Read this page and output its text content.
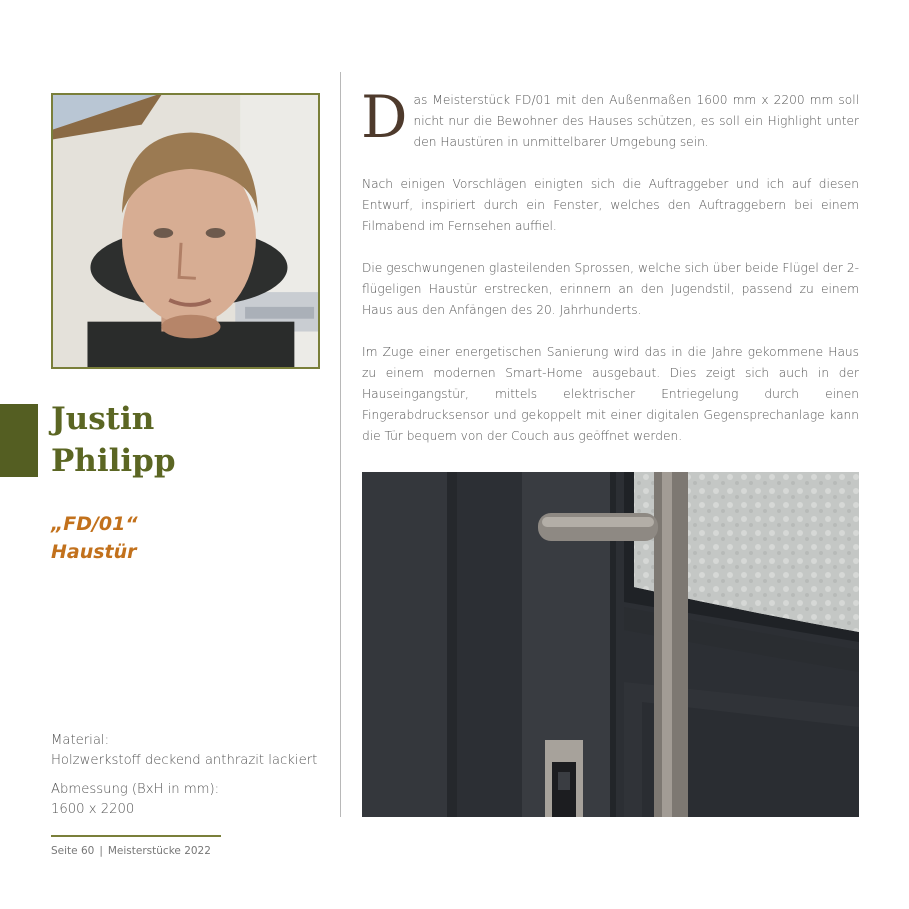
Justin
Philipp
„FD/01“
Haustür
Material:
Holzwerkstoff deckend anthrazit lackiert
Abmessung (BxH in mm):
1600 x 2200
Seite 60 | Meisterstücke 2022

Das Meisterstück FD/01 mit den Außenmaßen 1600 mm x 2200 mm soll nicht nur die Bewohner des Hauses schützen, es soll ein Highlight unter den Haustüren in unmittelbarer Umgebung sein.

Nach einigen Vorschlägen einigten sich die Auftraggeber und ich auf diesen Entwurf, inspiriert durch ein Fenster, welches den Auftraggebern bei einem Filmabend im Fernsehen auffiel.

Die geschwungenen glasteilenden Sprossen, welche sich über beide Flügel der 2-flügeligen Haustür erstrecken, erinnern an den Jugendstil, passend zu einem Haus aus den Anfängen des 20. Jahrhunderts.

Im Zuge einer energetischen Sanierung wird das in die Jahre gekommene Haus zu einem modernen Smart-Home ausgebaut. Dies zeigt sich auch in der Hauseingangstür, mittels elektrischer Entriegelung durch einen Fingerabdrucksensor und gekoppelt mit einer digitalen Gegensprechanlage kann die Tür bequem von der Couch aus geöffnet werden.
